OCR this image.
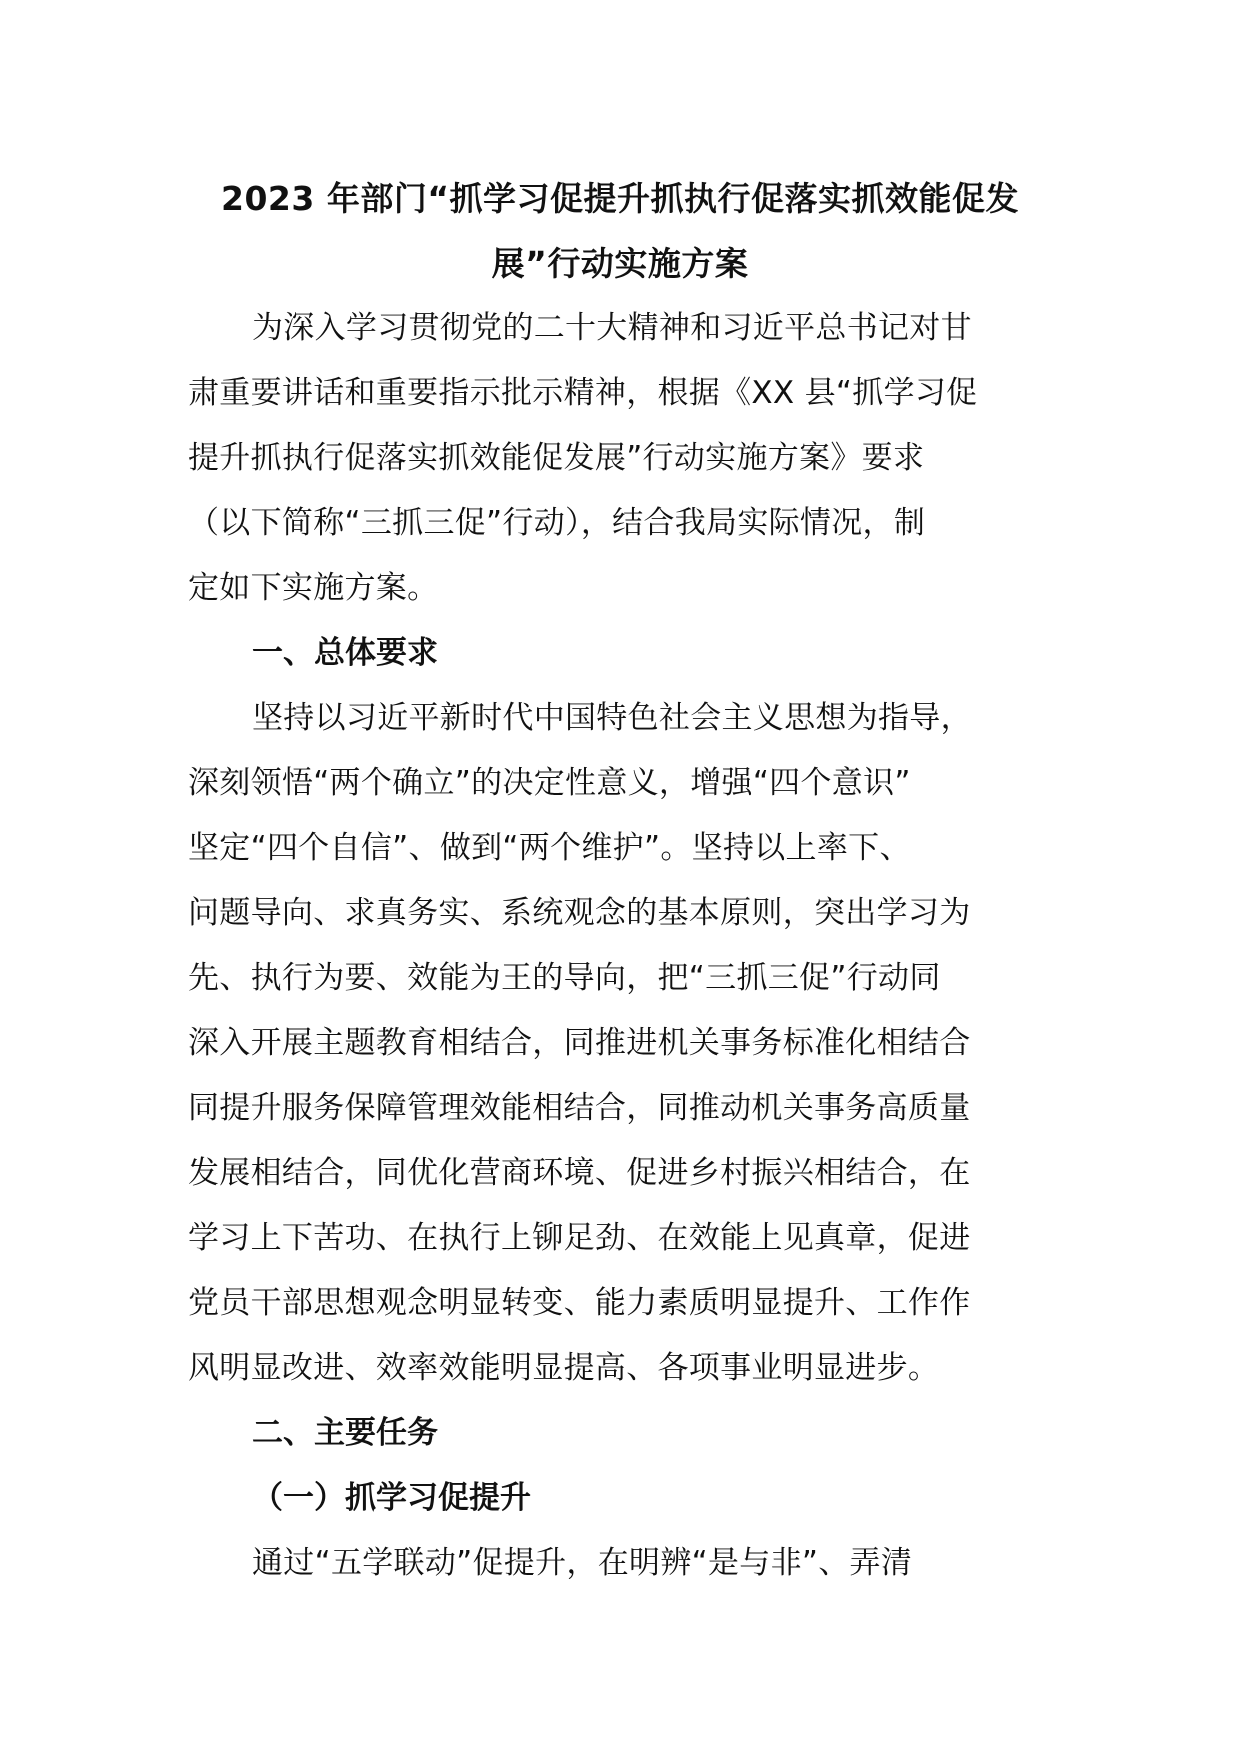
2023 年部门“抓学习促提升抓执行促落实抓效能促发
展”行动实施方案
为深入学习贯彻党的二十大精神和习近平总书记对甘
肃重要讲话和重要指示批示精神，根据《XX 县“抓学习促
提升抓执行促落实抓效能促发展”行动实施方案》要求
（以下简称“三抓三促”行动），结合我局实际情况，制
定如下实施方案。
一、总体要求
坚持以习近平新时代中国特色社会主义思想为指导，
深刻领悟“两个确立”的决定性意义，增强“四个意识”
坚定“四个自信”、做到“两个维护”。坚持以上率下、
问题导向、求真务实、系统观念的基本原则，突出学习为
先、执行为要、效能为王的导向，把“三抓三促”行动同
深入开展主题教育相结合，同推进机关事务标准化相结合
同提升服务保障管理效能相结合，同推动机关事务高质量
发展相结合，同优化营商环境、促进乡村振兴相结合，在
学习上下苦功、在执行上铆足劲、在效能上见真章，促进
党员干部思想观念明显转变、能力素质明显提升、工作作
风明显改进、效率效能明显提高、各项事业明显进步。
二、主要任务
（一）抓学习促提升
通过“五学联动”促提升，在明辨“是与非”、弄清
